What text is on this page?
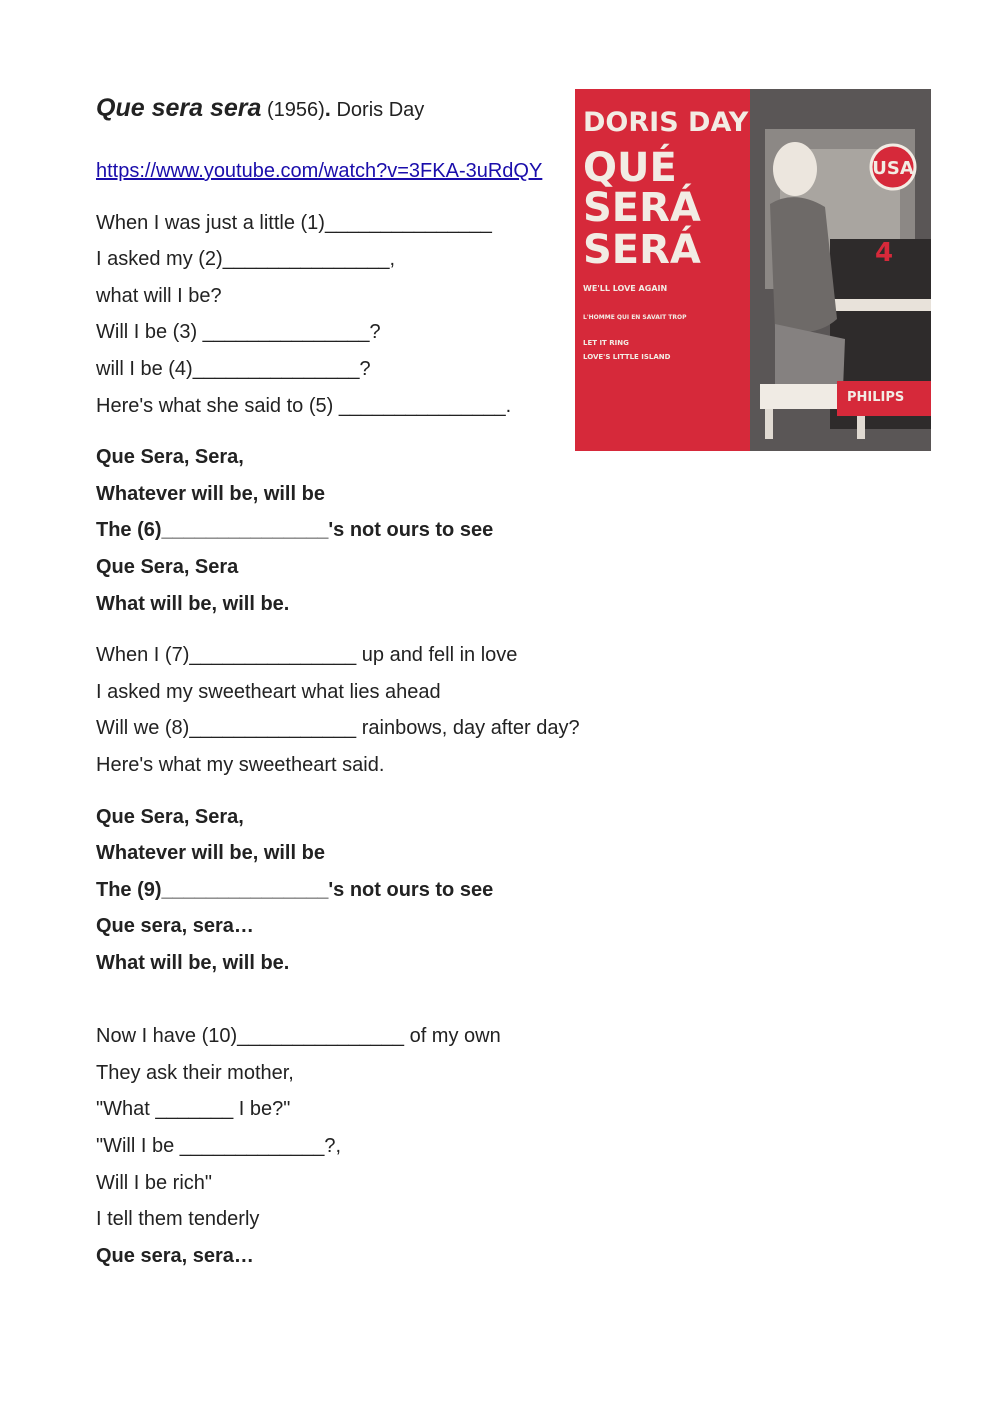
Que sera sera (1956). Doris Day
https://www.youtube.com/watch?v=3FKA-3uRdQY
When I was just a little (1)_______________
I asked my (2)_______________,
what will I be?
Will I be (3) _______________?
will I be (4)_______________?
Here's what she said to (5) _______________.
Que Sera, Sera,
Whatever will be, will be
The (6)_______________'s not ours to see
Que Sera, Sera
What will be, will be.
When I (7)_______________ up and fell in love
I asked my sweetheart what lies ahead
Will we (8)_______________ rainbows, day after day?
Here's what my sweetheart said.
Que Sera, Sera,
Whatever will be, will be
The (9)_______________'s not ours to see
Que sera, sera…
What will be, will be.
Now I have (10)_______________ of my own
They ask their mother,
"What _______ I be?"
"Will I be _____________?,
Will I be rich"
I tell them tenderly
Que sera, sera…
DORIS DAY
QUÉ
SERÁ
SERÁ
WE'LL LOVE AGAIN
L'HOMME QUI EN SAVAIT TROP
LET IT RING
LOVE'S LITTLE ISLAND
USA
4
PHILIPS
